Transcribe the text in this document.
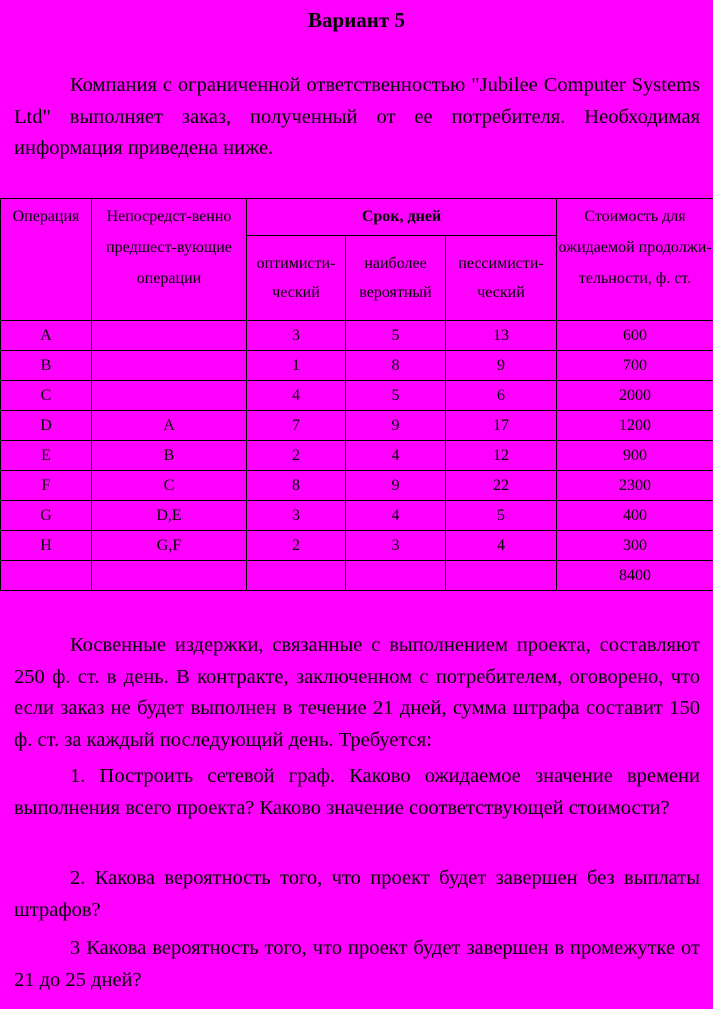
Вариант 5
Компания с ограниченной ответственностью "Jubilee Computer Systems Ltd" выполняет заказ, полученный от ее потребителя. Необходимая информация приведена ниже.
Операция	Непосредст-венно предшест-вующие операции	Срок, дней			Стоимость для ожидаемой продолжи-тельности, ф. ст.
		оптимисти-ческий	наиболее вероятный	пессимисти-ческий	
A		3	5	13	600
B		1	8	9	700
C		4	5	6	2000
D	A	7	9	17	1200
E	B	2	4	12	900
F	C	8	9	22	2300
G	D,E	3	4	5	400
H	G,F	2	3	4	300
					8400
Косвенные издержки, связанные с выполнением проекта, составляют 250 ф. ст. в день. В контракте, заключенном с потребителем, оговорено, что если заказ не будет выполнен в течение 21 дней, сумма штрафа составит 150 ф. ст. за каждый последующий день. Требуется:
1. Построить сетевой граф. Каково ожидаемое значение времени выполнения всего проекта? Каково значение соответствующей стоимости?
2. Какова вероятность того, что проект будет завершен без выплаты штрафов?
3 Какова вероятность того, что проект будет завершен в промежутке от 21 до 25 дней?
